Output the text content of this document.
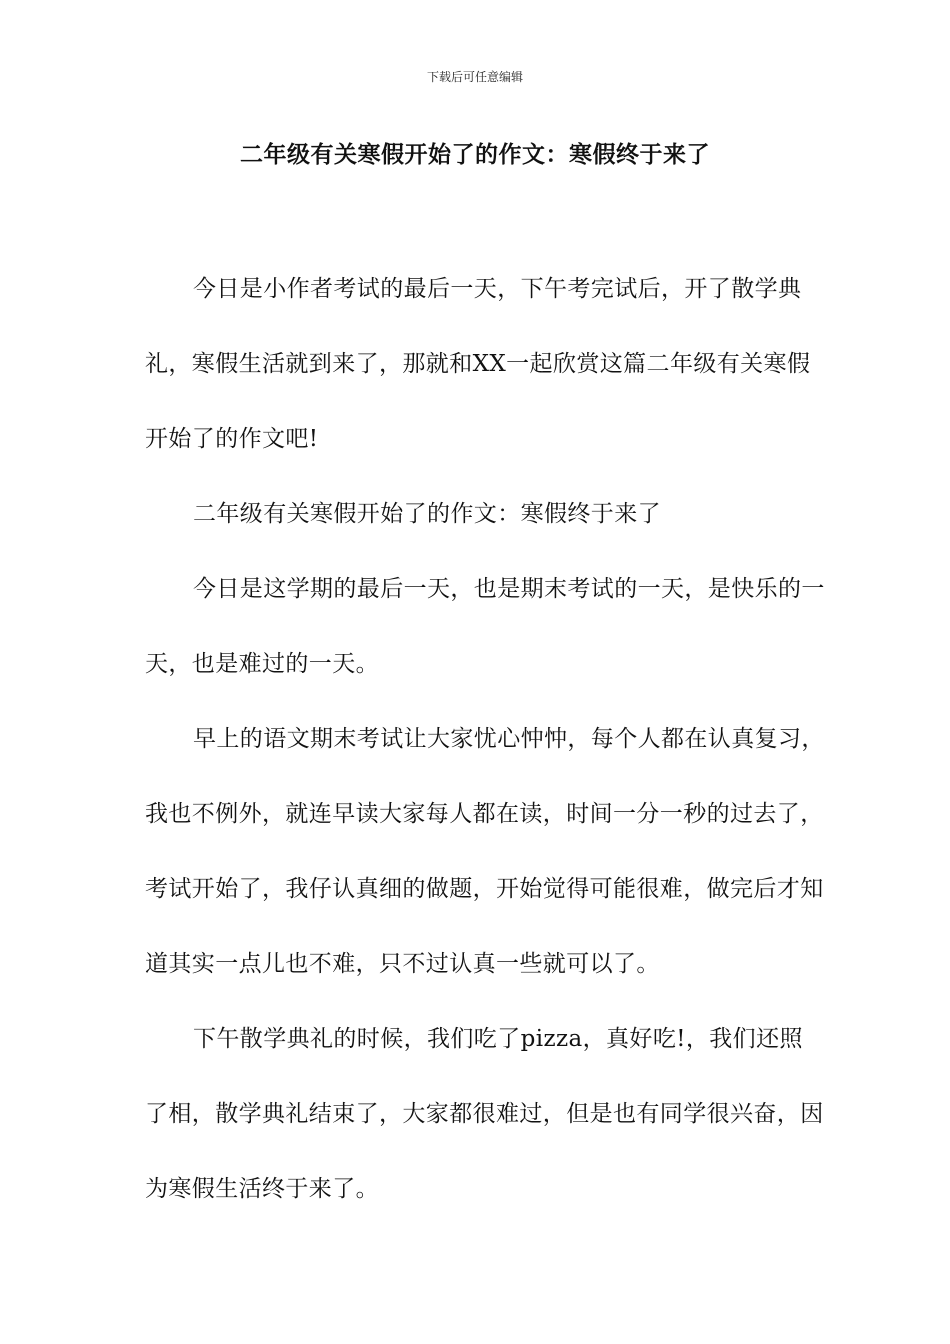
下载后可任意编辑
二年级有关寒假开始了的作文：寒假终于来了

今日是小作者考试的最后一天，下午考完试后，开了散学典礼，寒假生活就到来了，那就和XX一起欣赏这篇二年级有关寒假开始了的作文吧!

二年级有关寒假开始了的作文：寒假终于来了

今日是这学期的最后一天，也是期末考试的一天，是快乐的一天，也是难过的一天。

早上的语文期末考试让大家忧心忡忡，每个人都在认真复习，我也不例外，就连早读大家每人都在读，时间一分一秒的过去了，考试开始了，我仔认真细的做题，开始觉得可能很难，做完后才知道其实一点儿也不难，只不过认真一些就可以了。

下午散学典礼的时候，我们吃了pizza，真好吃!，我们还照了相，散学典礼结束了，大家都很难过，但是也有同学很兴奋，因为寒假生活终于来了。
